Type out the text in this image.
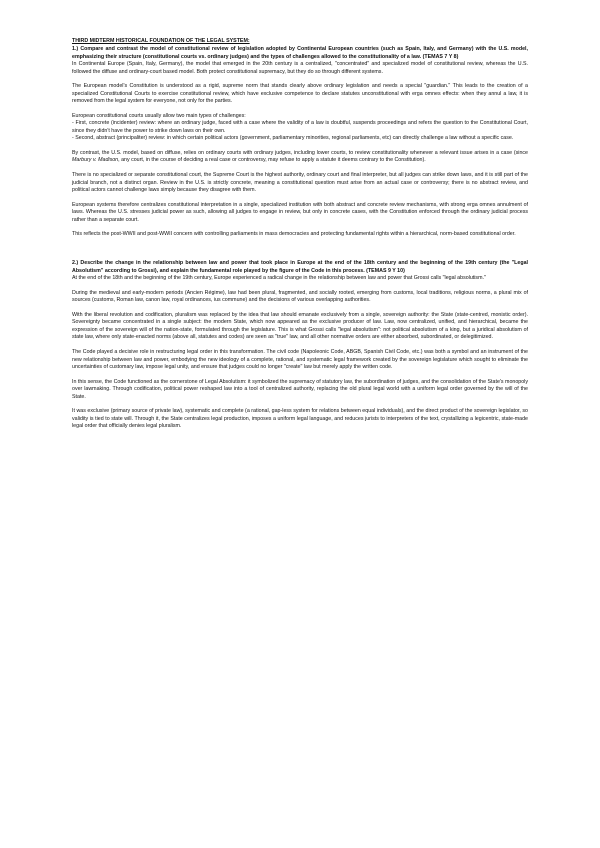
THIRD MIDTERM HISTORICAL FOUNDATION OF THE LEGAL SYSTEM:
1.) Compare and contrast the model of constitutional review of legislation adopted by Continental European countries (such as Spain, Italy, and Germany) with the U.S. model, emphasizing their structure (constitutional courts vs. ordinary judges) and the types of challenges allowed to the constitutionality of a law. (TEMAS 7 Y 8)

In Continental Europe (Spain, Italy, Germany), the model that emerged in the 20th century is a centralized, "concentrated" and specialized model of constitutional review, whereas the U.S. followed the diffuse and ordinary-court based model. Both protect constitutional supremacy, but they do so through different systems.

The European model's Constitution is understood as a rigid, supreme norm that stands clearly above ordinary legislation and needs a special "guardian." This leads to the creation of a specialized Constitutional Courts to exercise constitutional review, which have exclusive competence to declare statutes unconstitutional with erga omnes effects: when they annul a law, it is removed from the legal system for everyone, not only for the parties.

European constitutional courts usually allow two main types of challenges:

- First, concrete (incidenter) review: where an ordinary judge, faced with a case where the validity of a law is doubtful, suspends proceedings and refers the question to the Constitutional Court, since they didn't have the power to strike down laws on their own.
- Second, abstract (principaliter) review: in which certain political actors (government, parliamentary minorities, regional parliaments, etc) can directly challenge a law without a specific case.

By contrast, the U.S. model, based on diffuse, relies on ordinary courts with ordinary judges, including lower courts, to review constitutionality whenever a relevant issue arises in a case (since Marbury v. Madison, any court, in the course of deciding a real case or controversy, may refuse to apply a statute it deems contrary to the Constitution).

There is no specialized or separate constitutional court, the Supreme Court is the highest authority, ordinary court and final interpreter, but all judges can strike down laws, and it is still part of the judicial branch, not a distinct organ. Review in the U.S. is strictly concrete, meaning a constitutional question must arise from an actual case or controversy; there is no abstract review, and political actors cannot challenge laws simply because they disagree with them.

European systems therefore centralizes constitutional interpretation in a single, specialized institution with both abstract and concrete review mechanisms, with strong erga omnes annulment of laws. Whereas the U.S. stresses judicial power as such, allowing all judges to engage in review, but only in concrete cases, with the Constitution enforced through the ordinary judicial process rather than a separate court.

This reflects the post-WWII and post-WWII concern with controlling parliaments in mass democracies and protecting fundamental rights within a hierarchical, norm-based constitutional order.

2.) Describe the change in the relationship between law and power that took place in Europe at the end of the 18th century and the beginning of the 19th century (the "Legal Absolutism" according to Grossi), and explain the fundamental role played by the figure of the Code in this process. (TEMAS 9 Y 10)

At the end of the 18th and the beginning of the 19th century, Europe experienced a radical change in the relationship between law and power that Grossi calls "legal absolutism."

During the medieval and early-modern periods (Ancien Régime), law had been plural, fragmented, and socially rooted, emerging from customs, local traditions, religious norms, a plural mix of sources (customs, Roman law, canon law, royal ordinances, ius commune) and the decisions of various overlapping authorities.

With the liberal revolution and codification, pluralism was replaced by the idea that law should emanate exclusively from a single, sovereign authority: the State (state-centred, monistic order). Sovereignty became concentrated in a single subject: the modern State, which now appeared as the exclusive producer of law. Law, now centralized, unified, and hierarchical, became the expression of the sovereign will of the nation-state, formulated through the legislature. This is what Grossi calls "legal absolutism": not political absolutism of a king, but a juridical absolutism of state law, where only state-enacted norms (above all, statutes and codes) are seen as "true" law, and all other normative orders are either absorbed, subordinated, or delegitimized.

The Code played a decisive role in restructuring legal order in this transformation. The civil code (Napoleonic Code, ABGB, Spanish Civil Code, etc.) was both a symbol and an instrument of the new relationship between law and power, embodying the new ideology of a complete, rational, and systematic legal framework created by the sovereign legislature which sought to eliminate the uncertainties of customary law, impose legal unity, and ensure that judges could no longer "create" law but merely apply the written code.

In this sense, the Code functioned as the cornerstone of Legal Absolutism: it symbolized the supremacy of statutory law, the subordination of judges, and the consolidation of the State's monopoly over lawmaking. Through codification, political power reshaped law into a tool of centralized authority, replacing the old plural legal world with a uniform legal order governed by the will of the State.

It was exclusive (primary source of private law), systematic and complete (a rational, gap-less system for relations between equal individuals), and the direct product of the sovereign legislator, so validity is tied to state will. Through it, the State centralizes legal production, imposes a uniform legal language, and reduces jurists to interpreters of the text, crystallizing a legicentric, state-made legal order that officially denies legal pluralism.
